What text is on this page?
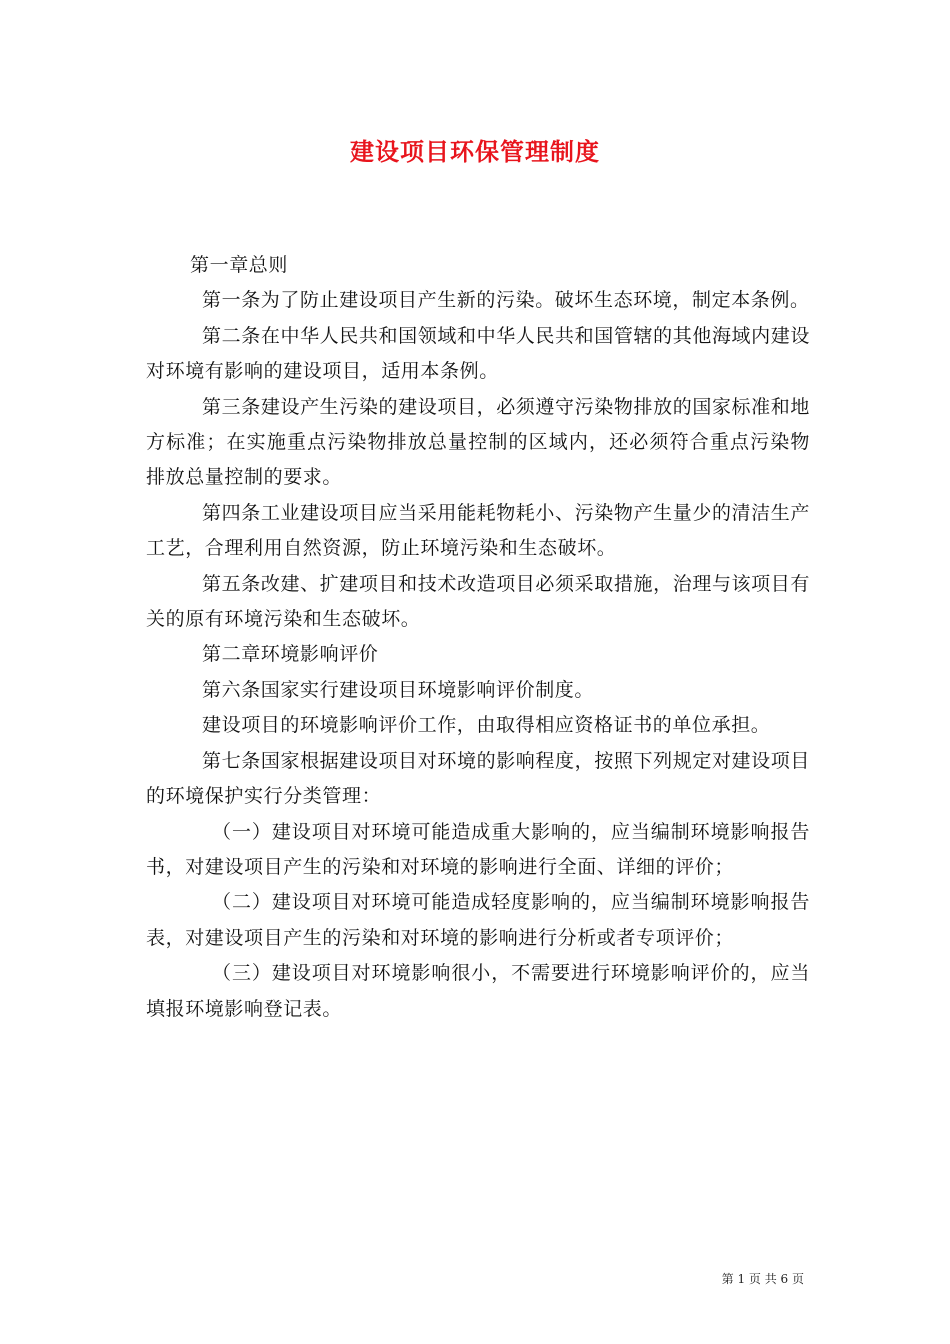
建设项目环保管理制度

第一章总则

第一条为了防止建设项目产生新的污染。破坏生态环境，制定本条例。

第二条在中华人民共和国领域和中华人民共和国管辖的其他海域内建设对环境有影响的建设项目，适用本条例。

第三条建设产生污染的建设项目，必须遵守污染物排放的国家标准和地方标准；在实施重点污染物排放总量控制的区域内，还必须符合重点污染物排放总量控制的要求。

第四条工业建设项目应当采用能耗物耗小、污染物产生量少的清洁生产工艺，合理利用自然资源，防止环境污染和生态破坏。

第五条改建、扩建项目和技术改造项目必须采取措施，治理与该项目有关的原有环境污染和生态破坏。

第二章环境影响评价

第六条国家实行建设项目环境影响评价制度。

建设项目的环境影响评价工作，由取得相应资格证书的单位承担。

第七条国家根据建设项目对环境的影响程度，按照下列规定对建设项目的环境保护实行分类管理：

（一）建设项目对环境可能造成重大影响的，应当编制环境影响报告书，对建设项目产生的污染和对环境的影响进行全面、详细的评价；

（二）建设项目对环境可能造成轻度影响的，应当编制环境影响报告表，对建设项目产生的污染和对环境的影响进行分析或者专项评价；

（三）建设项目对环境影响很小，不需要进行环境影响评价的，应当填报环境影响登记表。

第 1 页 共 6 页
